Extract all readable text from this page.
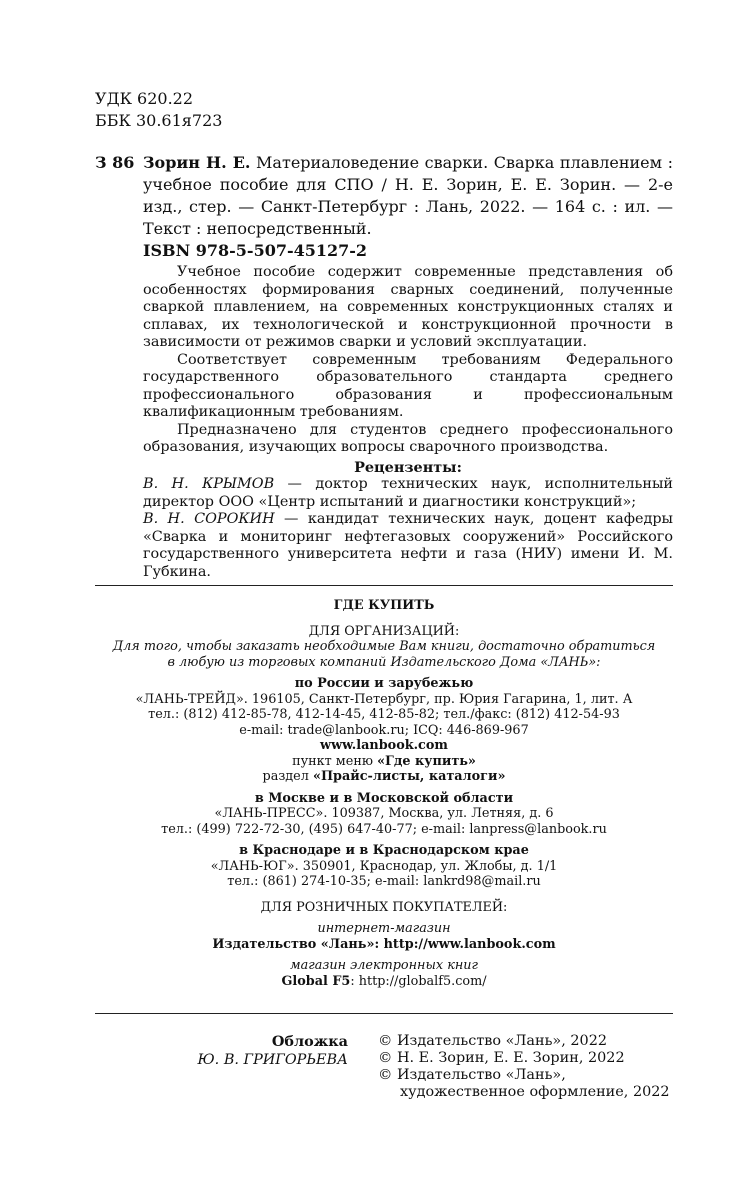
УДК 620.22
ББК 30.61я723
З 86 Зорин Н. Е. Материаловедение сварки. Сварка плавлением : учебное пособие для СПО / Н. Е. Зорин, Е. Е. Зорин. — 2-е изд., стер. — Санкт-Петербург : Лань, 2022. — 164 с. : ил. — Текст : непосредственный.

ISBN 978-5-507-45127-2

Учебное пособие содержит современные представления об особенностях формирования сварных соединений, полученные сваркой плавлением, на современных конструкционных сталях и сплавах, их технологической и конструкционной прочности в зависимости от режимов сварки и условий эксплуатации.

Соответствует современным требованиям Федерального государственного образовательного стандарта среднего профессионального образования и профессиональным квалификационным требованиям.

Предназначено для студентов среднего профессионального образования, изучающих вопросы сварочного производства.

Рецензенты:

В. Н. КРЫМОВ — доктор технических наук, исполнительный директор ООО «Центр испытаний и диагностики конструкций»;

В. Н. СОРОКИН — кандидат технических наук, доцент кафедры «Сварка и мониторинг нефтегазовых сооружений» Российского государственного университета нефти и газа (НИУ) имени И. М. Губкина.

ГДЕ КУПИТЬ
ДЛЯ ОРГАНИЗАЦИЙ:
Для того, чтобы заказать необходимые Вам книги, достаточно обратиться
в любую из торговых компаний Издательского Дома «ЛАНЬ»:
по России и зарубежью
«ЛАНЬ-ТРЕЙД». 196105, Санкт-Петербург, пр. Юрия Гагарина, 1, лит. А
тел.: (812) 412-85-78, 412-14-45, 412-85-82; тел./факс: (812) 412-54-93
e-mail: trade@lanbook.ru; ICQ: 446-869-967
www.lanbook.com
пункт меню «Где купить»
раздел «Прайс-листы, каталоги»
в Москве и в Московской области
«ЛАНЬ-ПРЕСС». 109387, Москва, ул. Летняя, д. 6
тел.: (499) 722-72-30, (495) 647-40-77; e-mail: lanpress@lanbook.ru
в Краснодаре и в Краснодарском крае
«ЛАНЬ-ЮГ». 350901, Краснодар, ул. Жлобы, д. 1/1
тел.: (861) 274-10-35; e-mail: lankrd98@mail.ru
ДЛЯ РОЗНИЧНЫХ ПОКУПАТЕЛЕЙ:
интернет-магазин
Издательство «Лань»: http://www.lanbook.com
магазин электронных книг
Global F5: http://globalf5.com/
Обложка
Ю. В. ГРИГОРЬЕВА
© Издательство «Лань», 2022
© Н. Е. Зорин, Е. Е. Зорин, 2022
© Издательство «Лань»,
художественное оформление, 2022
